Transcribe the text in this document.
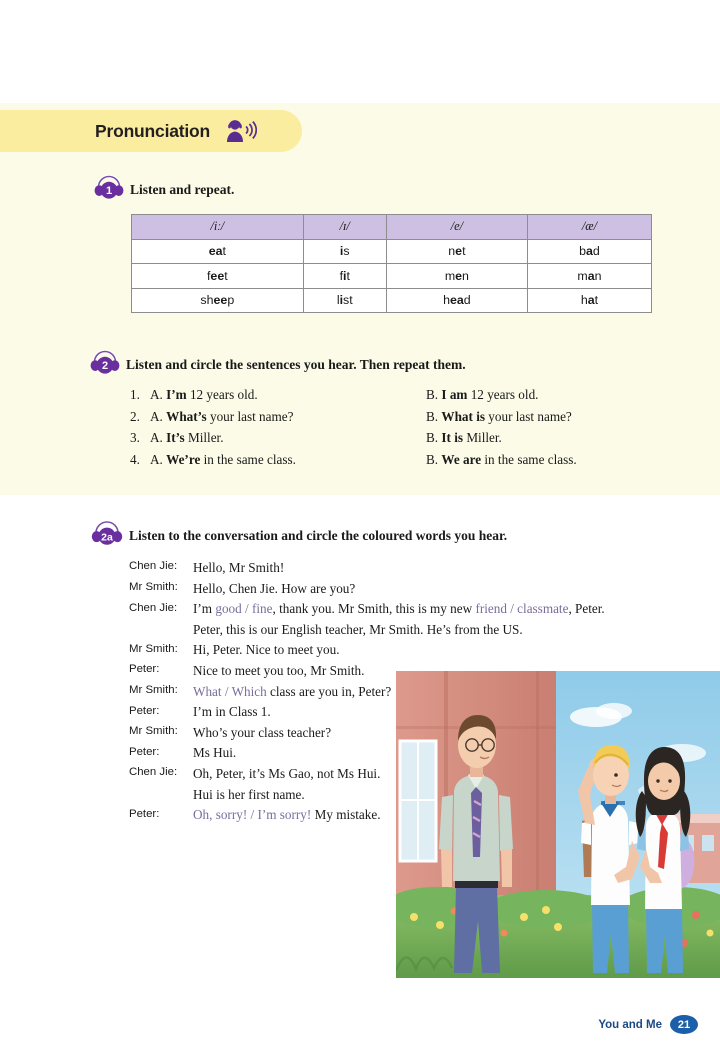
Pronunciation
1 Listen and repeat.
/iː/	/ɪ/	/e/	/æ/
eat	is	net	bad
feet	fit	men	man
sheep	list	head	hat
2 Listen and circle the sentences you hear. Then repeat them.
1. A. I’m 12 years old.	B. I am 12 years old.
2. A. What’s your last name?	B. What is your last name?
3. A. It’s Miller.	B. It is Miller.
4. A. We’re in the same class.	B. We are in the same class.
2a Listen to the conversation and circle the coloured words you hear.
Chen Jie:	Hello, Mr Smith!
Mr Smith:	Hello, Chen Jie. How are you?
Chen Jie:	I’m good / fine, thank you. Mr Smith, this is my new friend / classmate, Peter. Peter, this is our English teacher, Mr Smith. He’s from the US.
Mr Smith:	Hi, Peter. Nice to meet you.
Peter:	Nice to meet you too, Mr Smith.
Mr Smith:	What / Which class are you in, Peter?
Peter:	I’m in Class 1.
Mr Smith:	Who’s your class teacher?
Peter:	Ms Hui.
Chen Jie:	Oh, Peter, it’s Ms Gao, not Ms Hui. Hui is her first name.
Peter:	Oh, sorry! / I’m sorry! My mistake.
You and Me	21
